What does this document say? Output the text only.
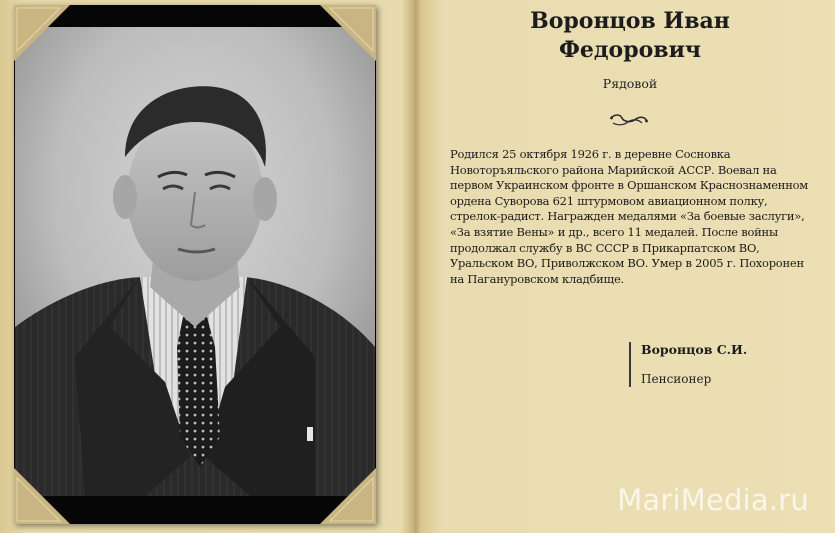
Воронцов Иван Федорович
Рядовой

Родился 25 октября 1926 г. в деревне Сосновка Новоторъяльского района Марийской АССР. Воевал на первом Украинском фронте в Оршанском Краснознаменном ордена Суворова 621 штурмовом авиационном полку, стрелок-радист. Награжден медалями «За боевые заслуги», «За взятие Вены» и др., всего 11 медалей. После войны продолжал службу в ВС СССР в Прикарпатском ВО, Уральском ВО, Приволжском ВО. Умер в 2005 г. Похоронен на Пагануровском кладбище.

Воронцов С.И.
Пенсионер
MariMedia.ru
